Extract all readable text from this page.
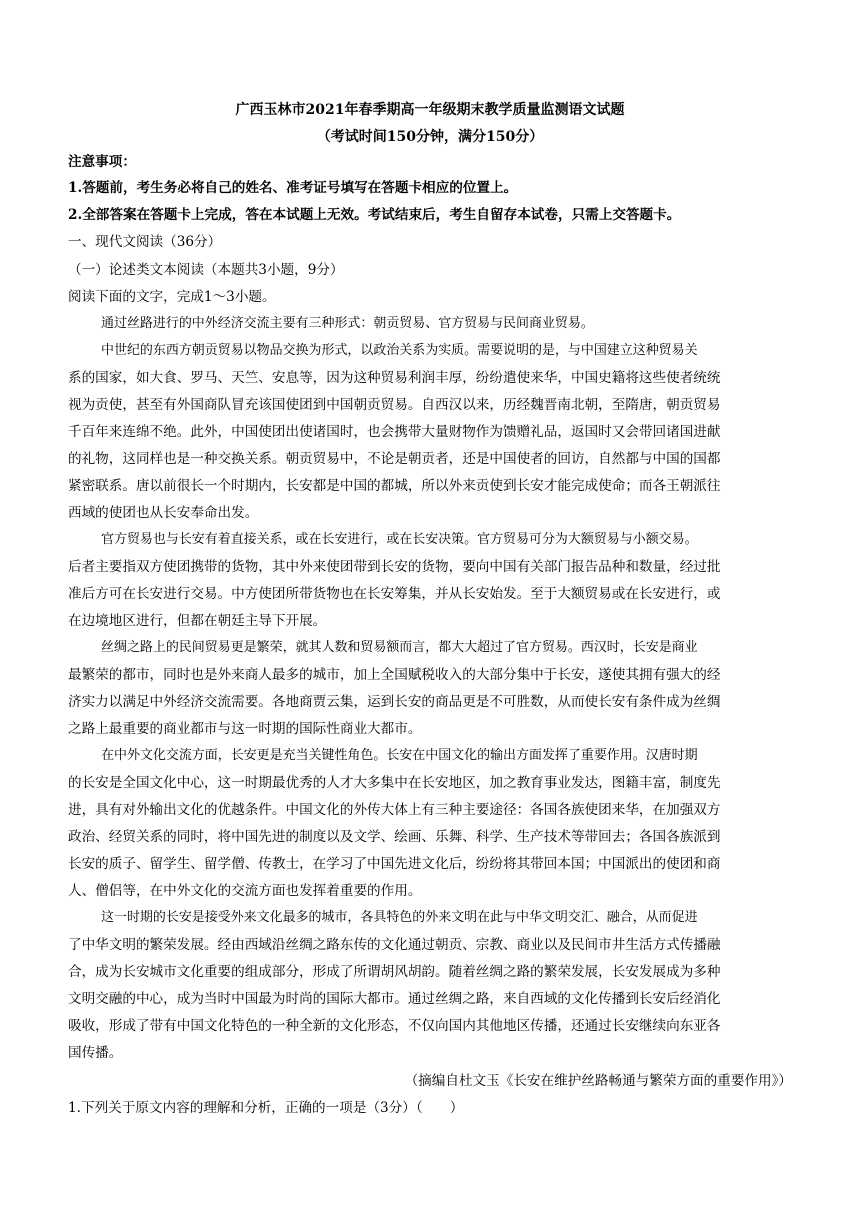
广西玉林市2021年春季期高一年级期末教学质量监测语文试题
（考试时间150分钟，满分150分）
注意事项：
1.答题前，考生务必将自己的姓名、准考证号填写在答题卡相应的位置上。
2.全部答案在答题卡上完成，答在本试题上无效。考试结束后，考生自留存本试卷，只需上交答题卡。
一、现代文阅读（36分）
（一）论述类文本阅读（本题共3小题，9分）
阅读下面的文字，完成1～3小题。
通过丝路进行的中外经济交流主要有三种形式：朝贡贸易、官方贸易与民间商业贸易。
中世纪的东西方朝贡贸易以物品交换为形式，以政治关系为实质。需要说明的是，与中国建立这种贸易关
系的国家，如大食、罗马、天竺、安息等，因为这种贸易利润丰厚，纷纷遣使来华，中国史籍将这些使者统统
视为贡使，甚至有外国商队冒充该国使团到中国朝贡贸易。自西汉以来，历经魏晋南北朝，至隋唐，朝贡贸易
千百年来连绵不绝。此外，中国使团出使诸国时，也会携带大量财物作为馈赠礼品，返国时又会带回诸国进献
的礼物，这同样也是一种交换关系。朝贡贸易中，不论是朝贡者，还是中国使者的回访，自然都与中国的国都
紧密联系。唐以前很长一个时期内，长安都是中国的都城，所以外来贡使到长安才能完成使命；而各王朝派往
西域的使团也从长安奉命出发。
官方贸易也与长安有着直接关系，或在长安进行，或在长安决策。官方贸易可分为大额贸易与小额交易。
后者主要指双方使团携带的货物，其中外来使团带到长安的货物，要向中国有关部门报告品种和数量，经过批
准后方可在长安进行交易。中方使团所带货物也在长安筹集，并从长安始发。至于大额贸易或在长安进行，或
在边境地区进行，但都在朝廷主导下开展。
丝绸之路上的民间贸易更是繁荣，就其人数和贸易额而言，都大大超过了官方贸易。西汉时，长安是商业
最繁荣的都市，同时也是外来商人最多的城市，加上全国赋税收入的大部分集中于长安，遂使其拥有强大的经
济实力以满足中外经济交流需要。各地商贾云集，运到长安的商品更是不可胜数，从而使长安有条件成为丝绸
之路上最重要的商业都市与这一时期的国际性商业大都市。
在中外文化交流方面，长安更是充当关键性角色。长安在中国文化的输出方面发挥了重要作用。汉唐时期
的长安是全国文化中心，这一时期最优秀的人才大多集中在长安地区，加之教育事业发达，图籍丰富，制度先
进，具有对外输出文化的优越条件。中国文化的外传大体上有三种主要途径：各国各族使团来华，在加强双方
政治、经贸关系的同时，将中国先进的制度以及文学、绘画、乐舞、科学、生产技术等带回去；各国各族派到
长安的质子、留学生、留学僧、传教士，在学习了中国先进文化后，纷纷将其带回本国；中国派出的使团和商
人、僧侣等，在中外文化的交流方面也发挥着重要的作用。
这一时期的长安是接受外来文化最多的城市，各具特色的外来文明在此与中华文明交汇、融合，从而促进
了中华文明的繁荣发展。经由西域沿丝绸之路东传的文化通过朝贡、宗教、商业以及民间市井生活方式传播融
合，成为长安城市文化重要的组成部分，形成了所谓胡风胡韵。随着丝绸之路的繁荣发展，长安发展成为多种
文明交融的中心，成为当时中国最为时尚的国际大都市。通过丝绸之路，来自西域的文化传播到长安后经消化
吸收，形成了带有中国文化特色的一种全新的文化形态，不仅向国内其他地区传播，还通过长安继续向东亚各
国传播。
（摘编自杜文玉《长安在维护丝路畅通与繁荣方面的重要作用》）
1.下列关于原文内容的理解和分析，正确的一项是（3分）（　　）
